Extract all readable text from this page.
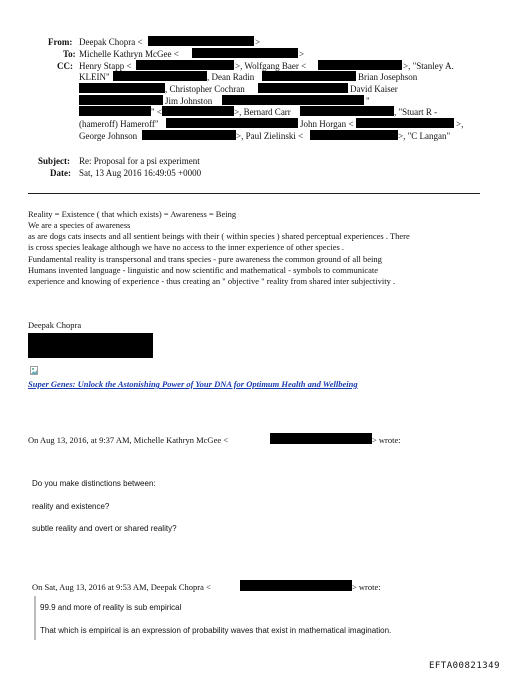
From: Deepak Chopra <	>
To: Michelle Kathryn McGee <	>
CC: Henry Stapp <	>, Wolfgang Baer <	>, "Stanley A.
KLEIN"	, Dean Radin	Brian Josephson
, Christopher Cochran	David Kaiser
Jim Johnston	"
" <	>, Bernard Carr	, "Stuart R -
(hameroff) Hameroff"	John Horgan <	>,
George Johnson	>, Paul Zielinski <	>, "C Langan"
Subject: Re: Proposal for a psi experiment
Date: Sat, 13 Aug 2016 16:49:05 +0000
Reality = Existence ( that which exists) = Awareness = Being
We are a species of awareness
as are dogs cats insects and all sentient beings with their ( within species ) shared perceptual experiences . There
is cross species leakage although we have no access to the inner experience of other species .
Fundamental reality is transpersonal and trans species - pure awareness the common ground of all being
Humans invented language - linguistic and now scientific and mathematical - symbols to communicate
experience and knowing of experience - thus creating an " objective " reality from shared inter subjectivity .
Deepak Chopra
Super Genes: Unlock the Astonishing Power of Your DNA for Optimum Health and Wellbeing
On Aug 13, 2016, at 9:37 AM, Michelle Kathryn McGee <	> wrote:
Do you make distinctions between:
reality and existence?
subtle reality and overt or shared reality?
On Sat, Aug 13, 2016 at 9:53 AM, Deepak Chopra <	> wrote:
99.9 and more of reality is sub empirical
That which is empirical is an expression of probability waves that exist in mathematical imagination.
EFTA00821349
